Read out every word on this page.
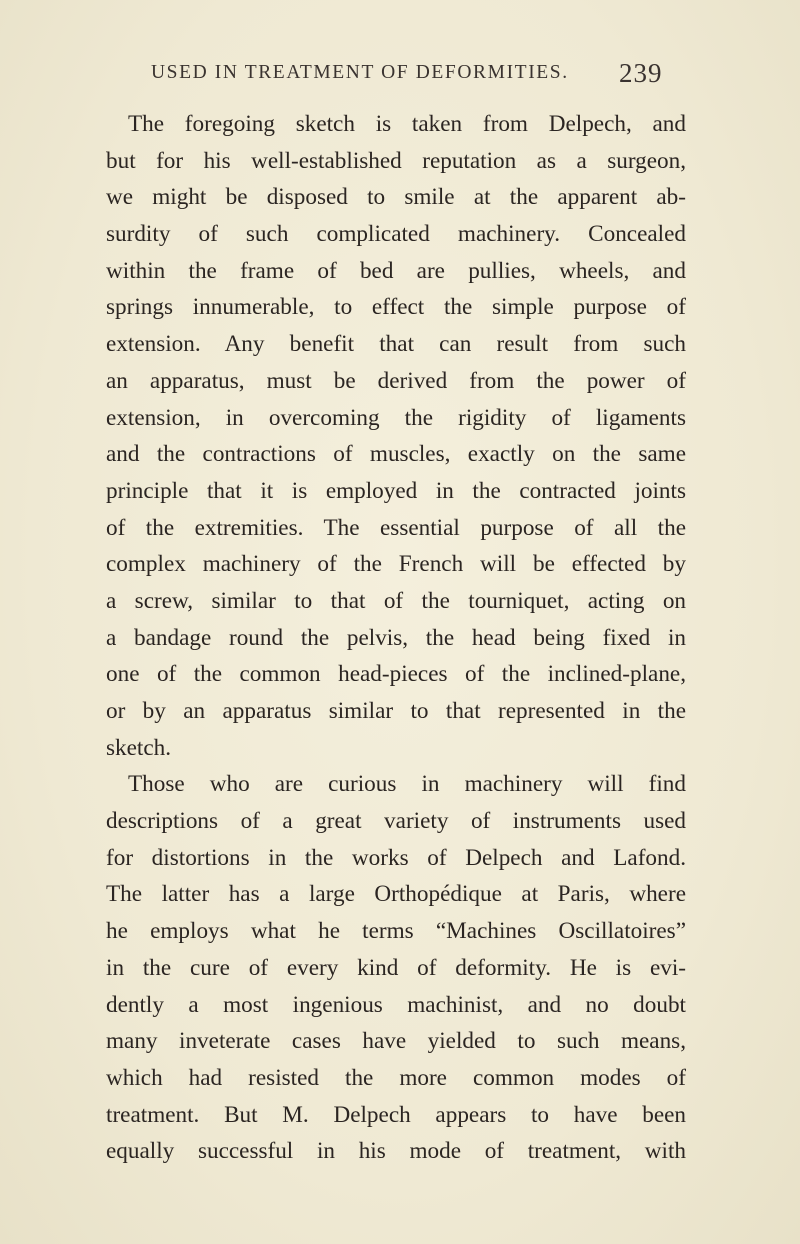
USED IN TREATMENT OF DEFORMITIES. 239
The foregoing sketch is taken from Delpech, and
but for his well-established reputation as a surgeon,
we might be disposed to smile at the apparent ab-
surdity of such complicated machinery. Concealed
within the frame of bed are pullies, wheels, and
springs innumerable, to effect the simple purpose of
extension. Any benefit that can result from such
an apparatus, must be derived from the power of
extension, in overcoming the rigidity of ligaments
and the contractions of muscles, exactly on the same
principle that it is employed in the contracted joints
of the extremities. The essential purpose of all the
complex machinery of the French will be effected by
a screw, similar to that of the tourniquet, acting on
a bandage round the pelvis, the head being fixed in
one of the common head-pieces of the inclined-plane,
or by an apparatus similar to that represented in the
sketch.
Those who are curious in machinery will find
descriptions of a great variety of instruments used
for distortions in the works of Delpech and Lafond.
The latter has a large Orthopédique at Paris, where
he employs what he terms “Machines Oscillatoires”
in the cure of every kind of deformity. He is evi-
dently a most ingenious machinist, and no doubt
many inveterate cases have yielded to such means,
which had resisted the more common modes of
treatment. But M. Delpech appears to have been
equally successful in his mode of treatment, with
